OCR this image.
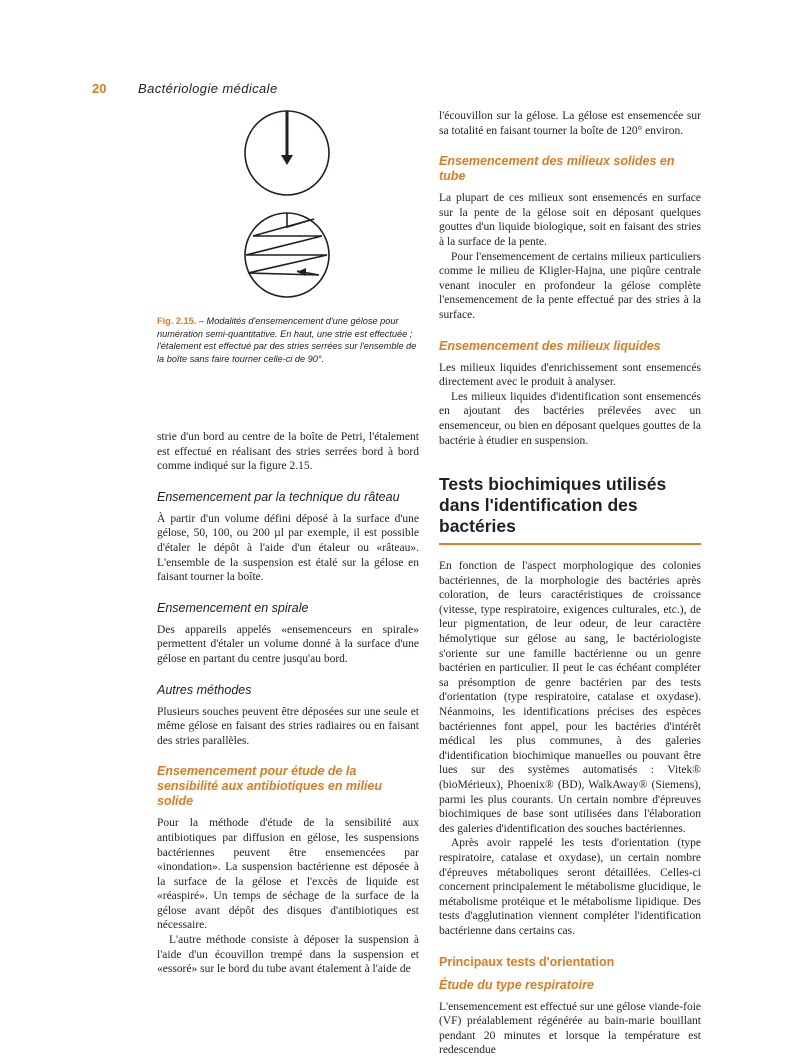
20 Bactériologie médicale

Fig. 2.15. – Modalités d'ensemencement d'une gélose pour numération semi-quantitative. En haut, une strie est effectuée ; l'étalement est effectué par des stries serrées sur l'ensemble de la boîte sans faire tourner celle-ci de 90°.

strie d'un bord au centre de la boîte de Petri, l'étalement est effectué en réalisant des stries serrées bord à bord comme indiqué sur la figure 2.15.

Ensemencement par la technique du râteau

À partir d'un volume défini déposé à la surface d'une gélose, 50, 100, ou 200 µl par exemple, il est possible d'étaler le dépôt à l'aide d'un étaleur ou «râteau». L'ensemble de la suspension est étalé sur la gélose en faisant tourner la boîte.

Ensemencement en spirale

Des appareils appelés «ensemenceurs en spirale» permettent d'étaler un volume donné à la surface d'une gélose en partant du centre jusqu'au bord.

Autres méthodes

Plusieurs souches peuvent être déposées sur une seule et même gélose en faisant des stries radiaires ou en faisant des stries parallèles.

Ensemencement pour étude de la sensibilité aux antibiotiques en milieu solide

Pour la méthode d'étude de la sensibilité aux antibiotiques par diffusion en gélose, les suspensions bactériennes peuvent être ensemencées par «inondation». La suspension bactérienne est déposée à la surface de la gélose et l'excès de liquide est «réaspiré». Un temps de séchage de la surface de la gélose avant dépôt des disques d'antibiotiques est nécessaire.

L'autre méthode consiste à déposer la suspension à l'aide d'un écouvillon trempé dans la suspension et «essoré» sur le bord du tube avant étalement à l'aide de

l'écouvillon sur la gélose. La gélose est ensemencée sur sa totalité en faisant tourner la boîte de 120° environ.

Ensemencement des milieux solides en tube

La plupart de ces milieux sont ensemencés en surface sur la pente de la gélose soit en déposant quelques gouttes d'un liquide biologique, soit en faisant des stries à la surface de la pente.

Pour l'ensemencement de certains milieux particuliers comme le milieu de Kligler-Hajna, une piqûre centrale venant inoculer en profondeur la gélose complète l'ensemencement de la pente effectué par des stries à la surface.

Ensemencement des milieux liquides

Les milieux liquides d'enrichissement sont ensemencés directement avec le produit à analyser.

Les milieux liquides d'identification sont ensemencés en ajoutant des bactéries prélevées avec un ensemenceur, ou bien en déposant quelques gouttes de la bactérie à étudier en suspension.

Tests biochimiques utilisés dans l'identification des bactéries

En fonction de l'aspect morphologique des colonies bactériennes, de la morphologie des bactéries après coloration, de leurs caractéristiques de croissance (vitesse, type respiratoire, exigences culturales, etc.), de leur pigmentation, de leur odeur, de leur caractère hémolytique sur gélose au sang, le bactériologiste s'oriente sur une famille bactérienne ou un genre bactérien en particulier. Il peut le cas échéant compléter sa présomption de genre bactérien par des tests d'orientation (type respiratoire, catalase et oxydase). Néanmoins, les identifications précises des espèces bactériennes font appel, pour les bactéries d'intérêt médical les plus communes, à des galeries d'identification biochimique manuelles ou pouvant être lues sur des systèmes automatisés : Vitek® (bioMérieux), Phoenix® (BD), WalkAway® (Siemens), parmi les plus courants. Un certain nombre d'épreuves biochimiques de base sont utilisées dans l'élaboration des galeries d'identification des souches bactériennes.

Après avoir rappelé les tests d'orientation (type respiratoire, catalase et oxydase), un certain nombre d'épreuves métaboliques seront détaillées. Celles-ci concernent principalement le métabolisme glucidique, le métabolisme protéique et le métabolisme lipidique. Des tests d'agglutination viennent compléter l'identification bactérienne dans certains cas.

Principaux tests d'orientation
Étude du type respiratoire

L'ensemencement est effectué sur une gélose viande-foie (VF) préalablement régénérée au bain-marie bouillant pendant 20 minutes et lorsque la température est redescendue
